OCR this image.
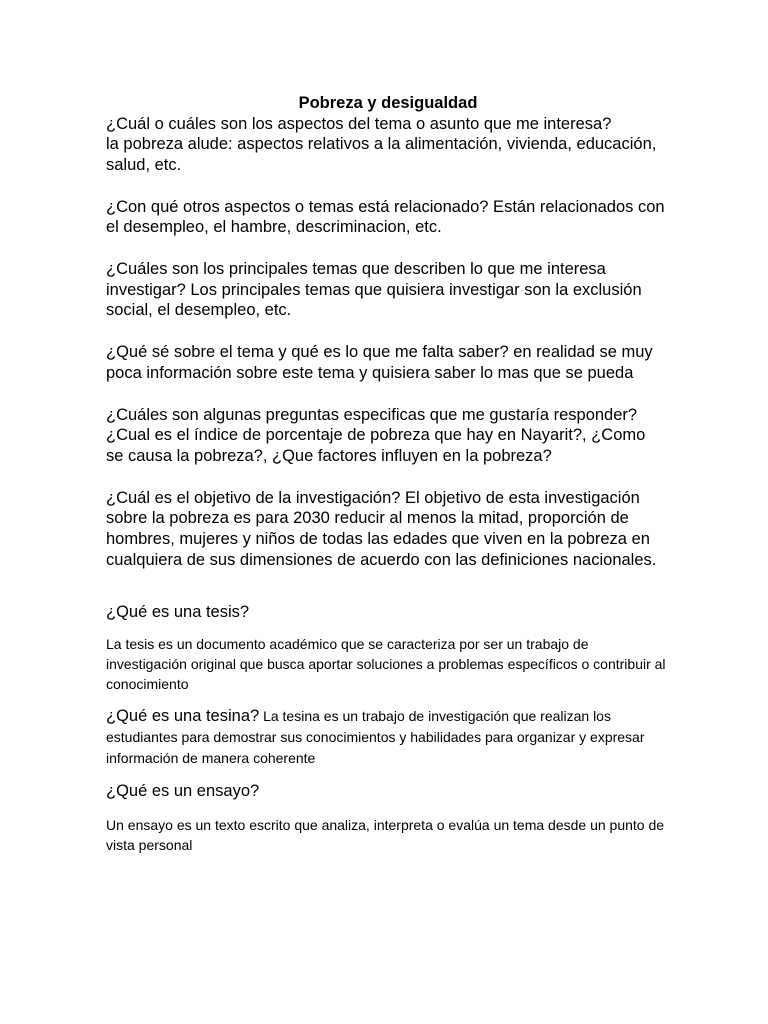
Pobreza y desigualdad

¿Cuál o cuáles son los aspectos del tema o asunto que me interesa?

la pobreza alude: aspectos relativos a la alimentación, vivienda, educación, salud, etc.

¿Con qué otros aspectos o temas está relacionado? Están relacionados con el desempleo, el hambre, descriminacion, etc.

¿Cuáles son los principales temas que describen lo que me interesa investigar? Los principales temas que quisiera investigar son la exclusión social, el desempleo, etc.

¿Qué sé sobre el tema y qué es lo que me falta saber? en realidad se muy poca información sobre este tema y quisiera saber lo mas que se pueda

¿Cuáles son algunas preguntas especificas que me gustaría responder? ¿Cual es el índice de porcentaje de pobreza que hay en Nayarit?, ¿Como se causa la pobreza?, ¿Que factores influyen en la pobreza?

¿Cuál es el objetivo de la investigación? El objetivo de esta investigación sobre la pobreza es para 2030 reducir al menos la mitad, proporción de hombres, mujeres y niños de todas las edades que viven en la pobreza en cualquiera de sus dimensiones de acuerdo con las definiciones nacionales.

¿Qué es una tesis?

La tesis es un documento académico que se caracteriza por ser un trabajo de investigación original que busca aportar soluciones a problemas específicos o contribuir al conocimiento

¿Qué es una tesina? La tesina es un trabajo de investigación que realizan los estudiantes para demostrar sus conocimientos y habilidades para organizar y expresar información de manera coherente

¿Qué es un ensayo?

Un ensayo es un texto escrito que analiza, interpreta o evalúa un tema desde un punto de vista personal
